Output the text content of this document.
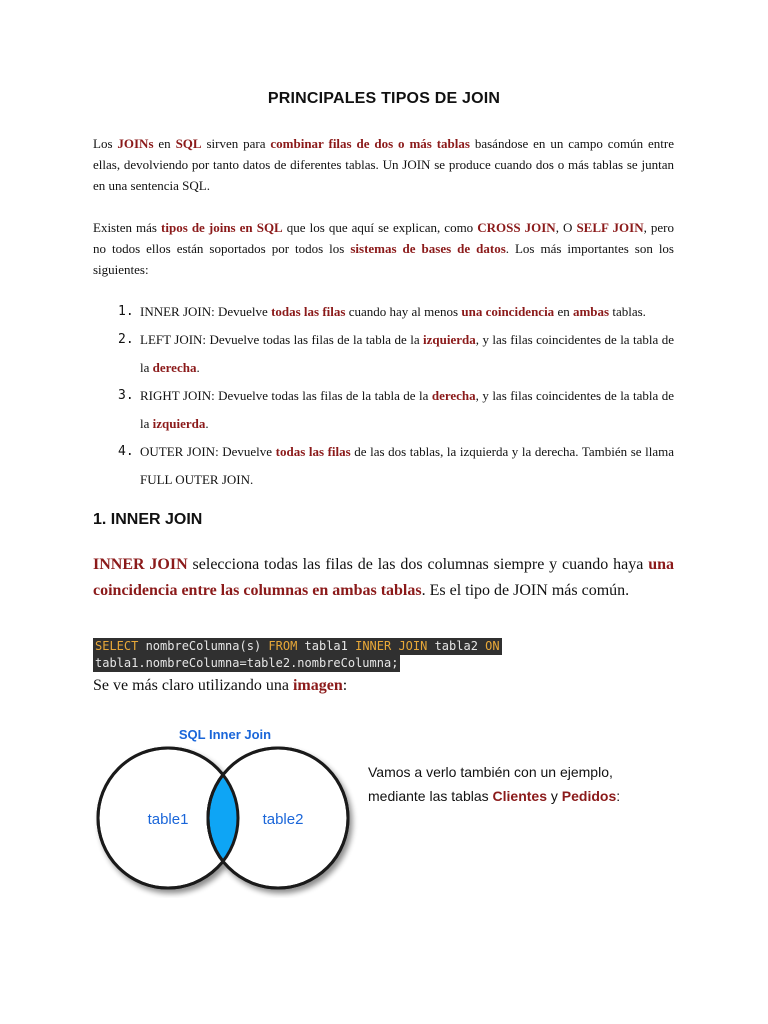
PRINCIPALES TIPOS DE JOIN

Los JOINs en SQL sirven para combinar filas de dos o más tablas basándose en un campo común entre ellas, devolviendo por tanto datos de diferentes tablas. Un JOIN se produce cuando dos o más tablas se juntan en una sentencia SQL.

Existen más tipos de joins en SQL que los que aquí se explican, como CROSS JOIN, O SELF JOIN, pero no todos ellos están soportados por todos los sistemas de bases de datos. Los más importantes son los siguientes:

1. INNER JOIN: Devuelve todas las filas cuando hay al menos una coincidencia en ambas tablas.

2. LEFT JOIN: Devuelve todas las filas de la tabla de la izquierda, y las filas coincidentes de la tabla de la derecha.

3. RIGHT JOIN: Devuelve todas las filas de la tabla de la derecha, y las filas coincidentes de la tabla de la izquierda.

4. OUTER JOIN: Devuelve todas las filas de las dos tablas, la izquierda y la derecha. También se llama FULL OUTER JOIN.

1. INNER JOIN

INNER JOIN selecciona todas las filas de las dos columnas siempre y cuando haya una coincidencia entre las columnas en ambas tablas. Es el tipo de JOIN más común.

SELECT nombreColumna(s) FROM tabla1 INNER JOIN tabla2 ON
tabla1.nombreColumna=table2.nombreColumna;

Se ve más claro utilizando una imagen:

SQL Inner Join
table1	table2

Vamos a verlo también con un ejemplo, mediante las tablas Clientes y Pedidos:
